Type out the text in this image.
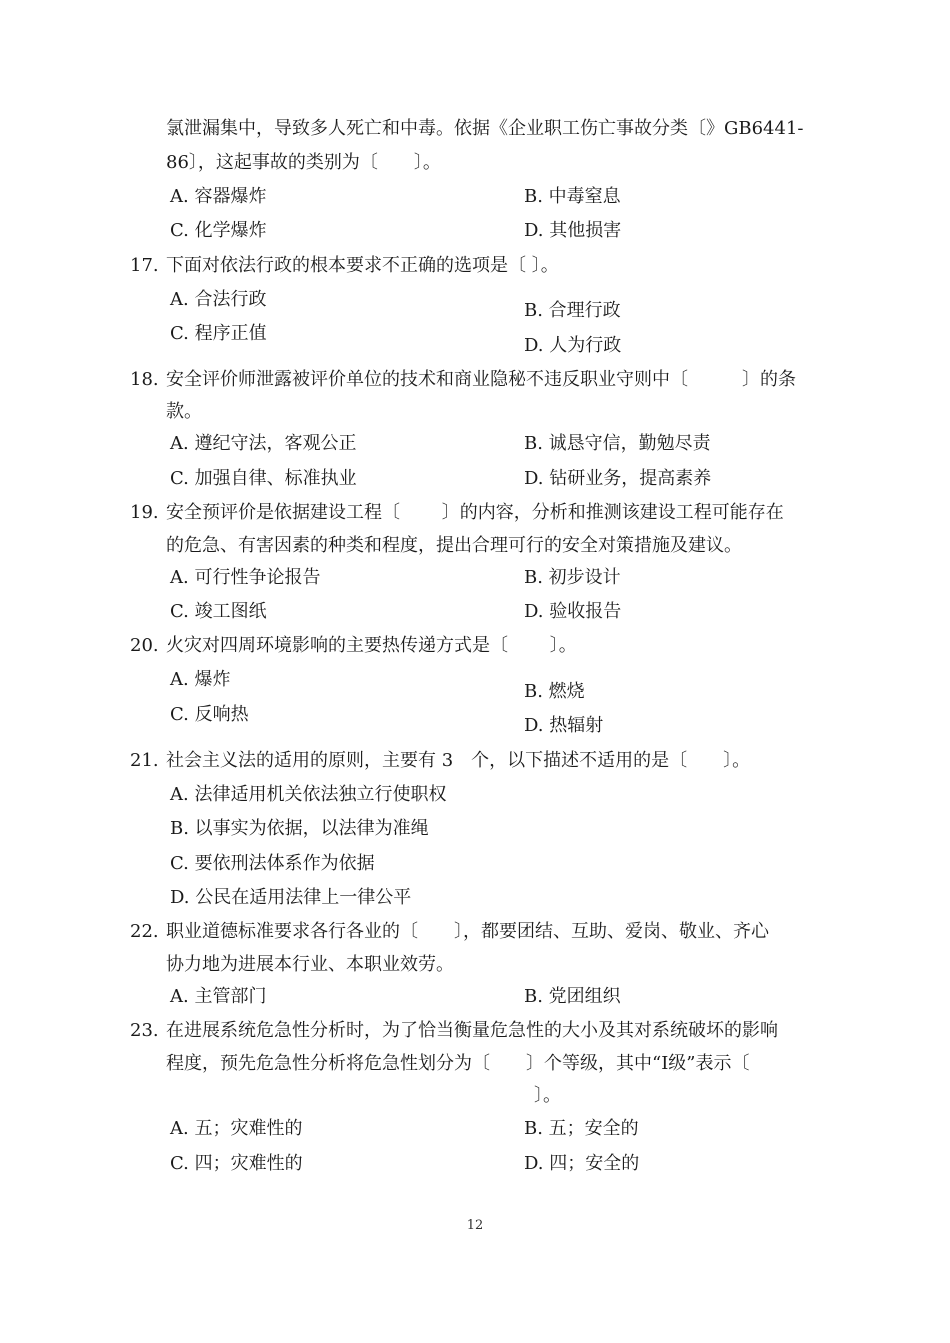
氯泄漏集中，导致多人死亡和中毒。依据《企业职工伤亡事故分类〔》GB6441-
86〕，这起事故的类别为〔　　〕。
A. 容器爆炸	B. 中毒窒息
C. 化学爆炸	D. 其他损害
17. 下面对依法行政的根本要求不正确的选项是〔 〕。
A. 合法行政
B. 合理行政
C. 程序正值
D. 人为行政
18. 安全评价师泄露被评价单位的技术和商业隐秘不违反职业守则中〔　　　〕的条
款。
A. 遵纪守法，客观公正	B. 诚恳守信，勤勉尽责
C. 加强自律、标准执业	D. 钻研业务，提高素养
19. 安全预评价是依据建设工程〔　　 〕的内容，分析和推测该建设工程可能存在
的危急、有害因素的种类和程度，提出合理可行的安全对策措施及建议。
A. 可行性争论报告	B. 初步设计
C. 竣工图纸	D. 验收报告
20. 火灾对四周环境影响的主要热传递方式是〔　　 〕。
A. 爆炸
B. 燃烧
C. 反响热
D. 热辐射
21. 社会主义法的适用的原则，主要有 3　个，以下描述不适用的是〔　　〕。
A. 法律适用机关依法独立行使职权
B. 以事实为依据，以法律为准绳
C. 要依刑法体系作为依据
D. 公民在适用法律上一律公平
22. 职业道德标准要求各行各业的〔　　〕，都要团结、互助、爱岗、敬业、齐心
协力地为进展本行业、本职业效劳。
A. 主管部门	B. 党团组织
23. 在进展系统危急性分析时，为了恰当衡量危急性的大小及其对系统破坏的影响
程度，预先危急性分析将危急性划分为〔　　〕个等级，其中“Ⅰ级”表示〔
〕。
A. 五；灾难性的	B. 五；安全的
C. 四；灾难性的	D. 四；安全的
12
